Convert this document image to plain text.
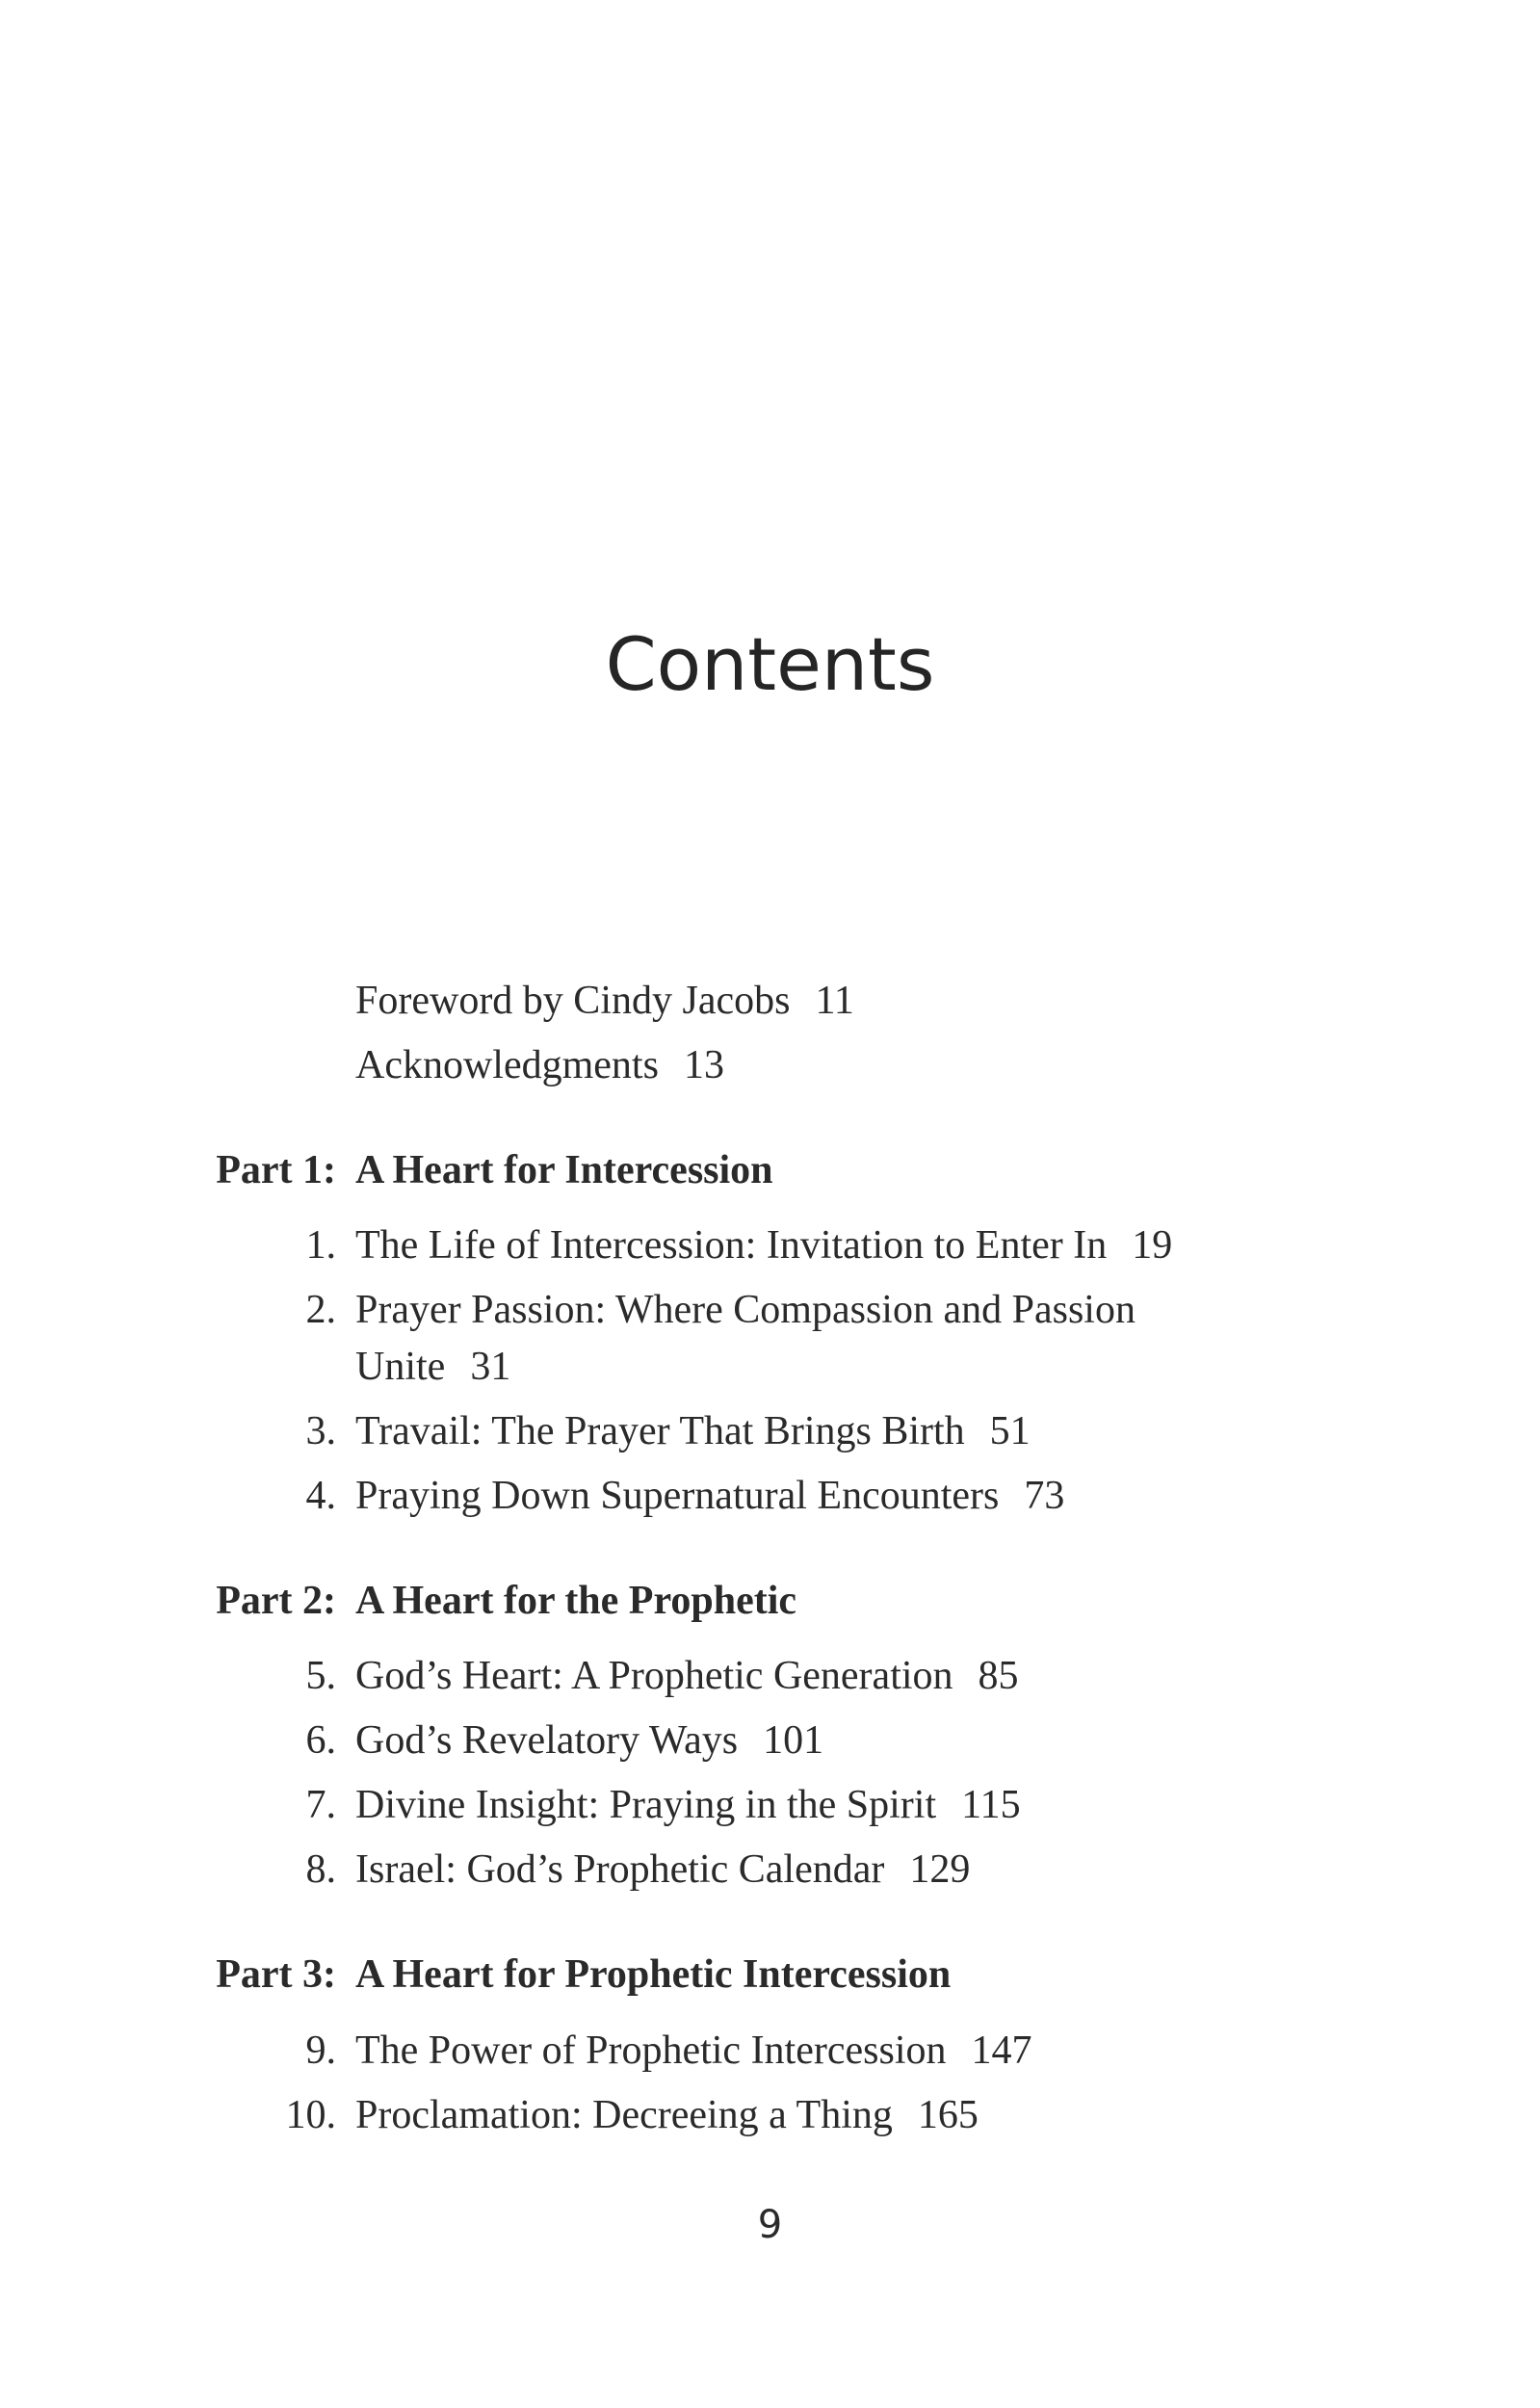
Contents
Foreword by Cindy Jacobs 11
Acknowledgments 13
Part 1: A Heart for Intercession
1. The Life of Intercession: Invitation to Enter In 19
2. Prayer Passion: Where Compassion and Passion
Unite 31
3. Travail: The Prayer That Brings Birth 51
4. Praying Down Supernatural Encounters 73
Part 2: A Heart for the Prophetic
5. God’s Heart: A Prophetic Generation 85
6. God’s Revelatory Ways 101
7. Divine Insight: Praying in the Spirit 115
8. Israel: God’s Prophetic Calendar 129
Part 3: A Heart for Prophetic Intercession
9. The Power of Prophetic Intercession 147
10. Proclamation: Decreeing a Thing 165
9
